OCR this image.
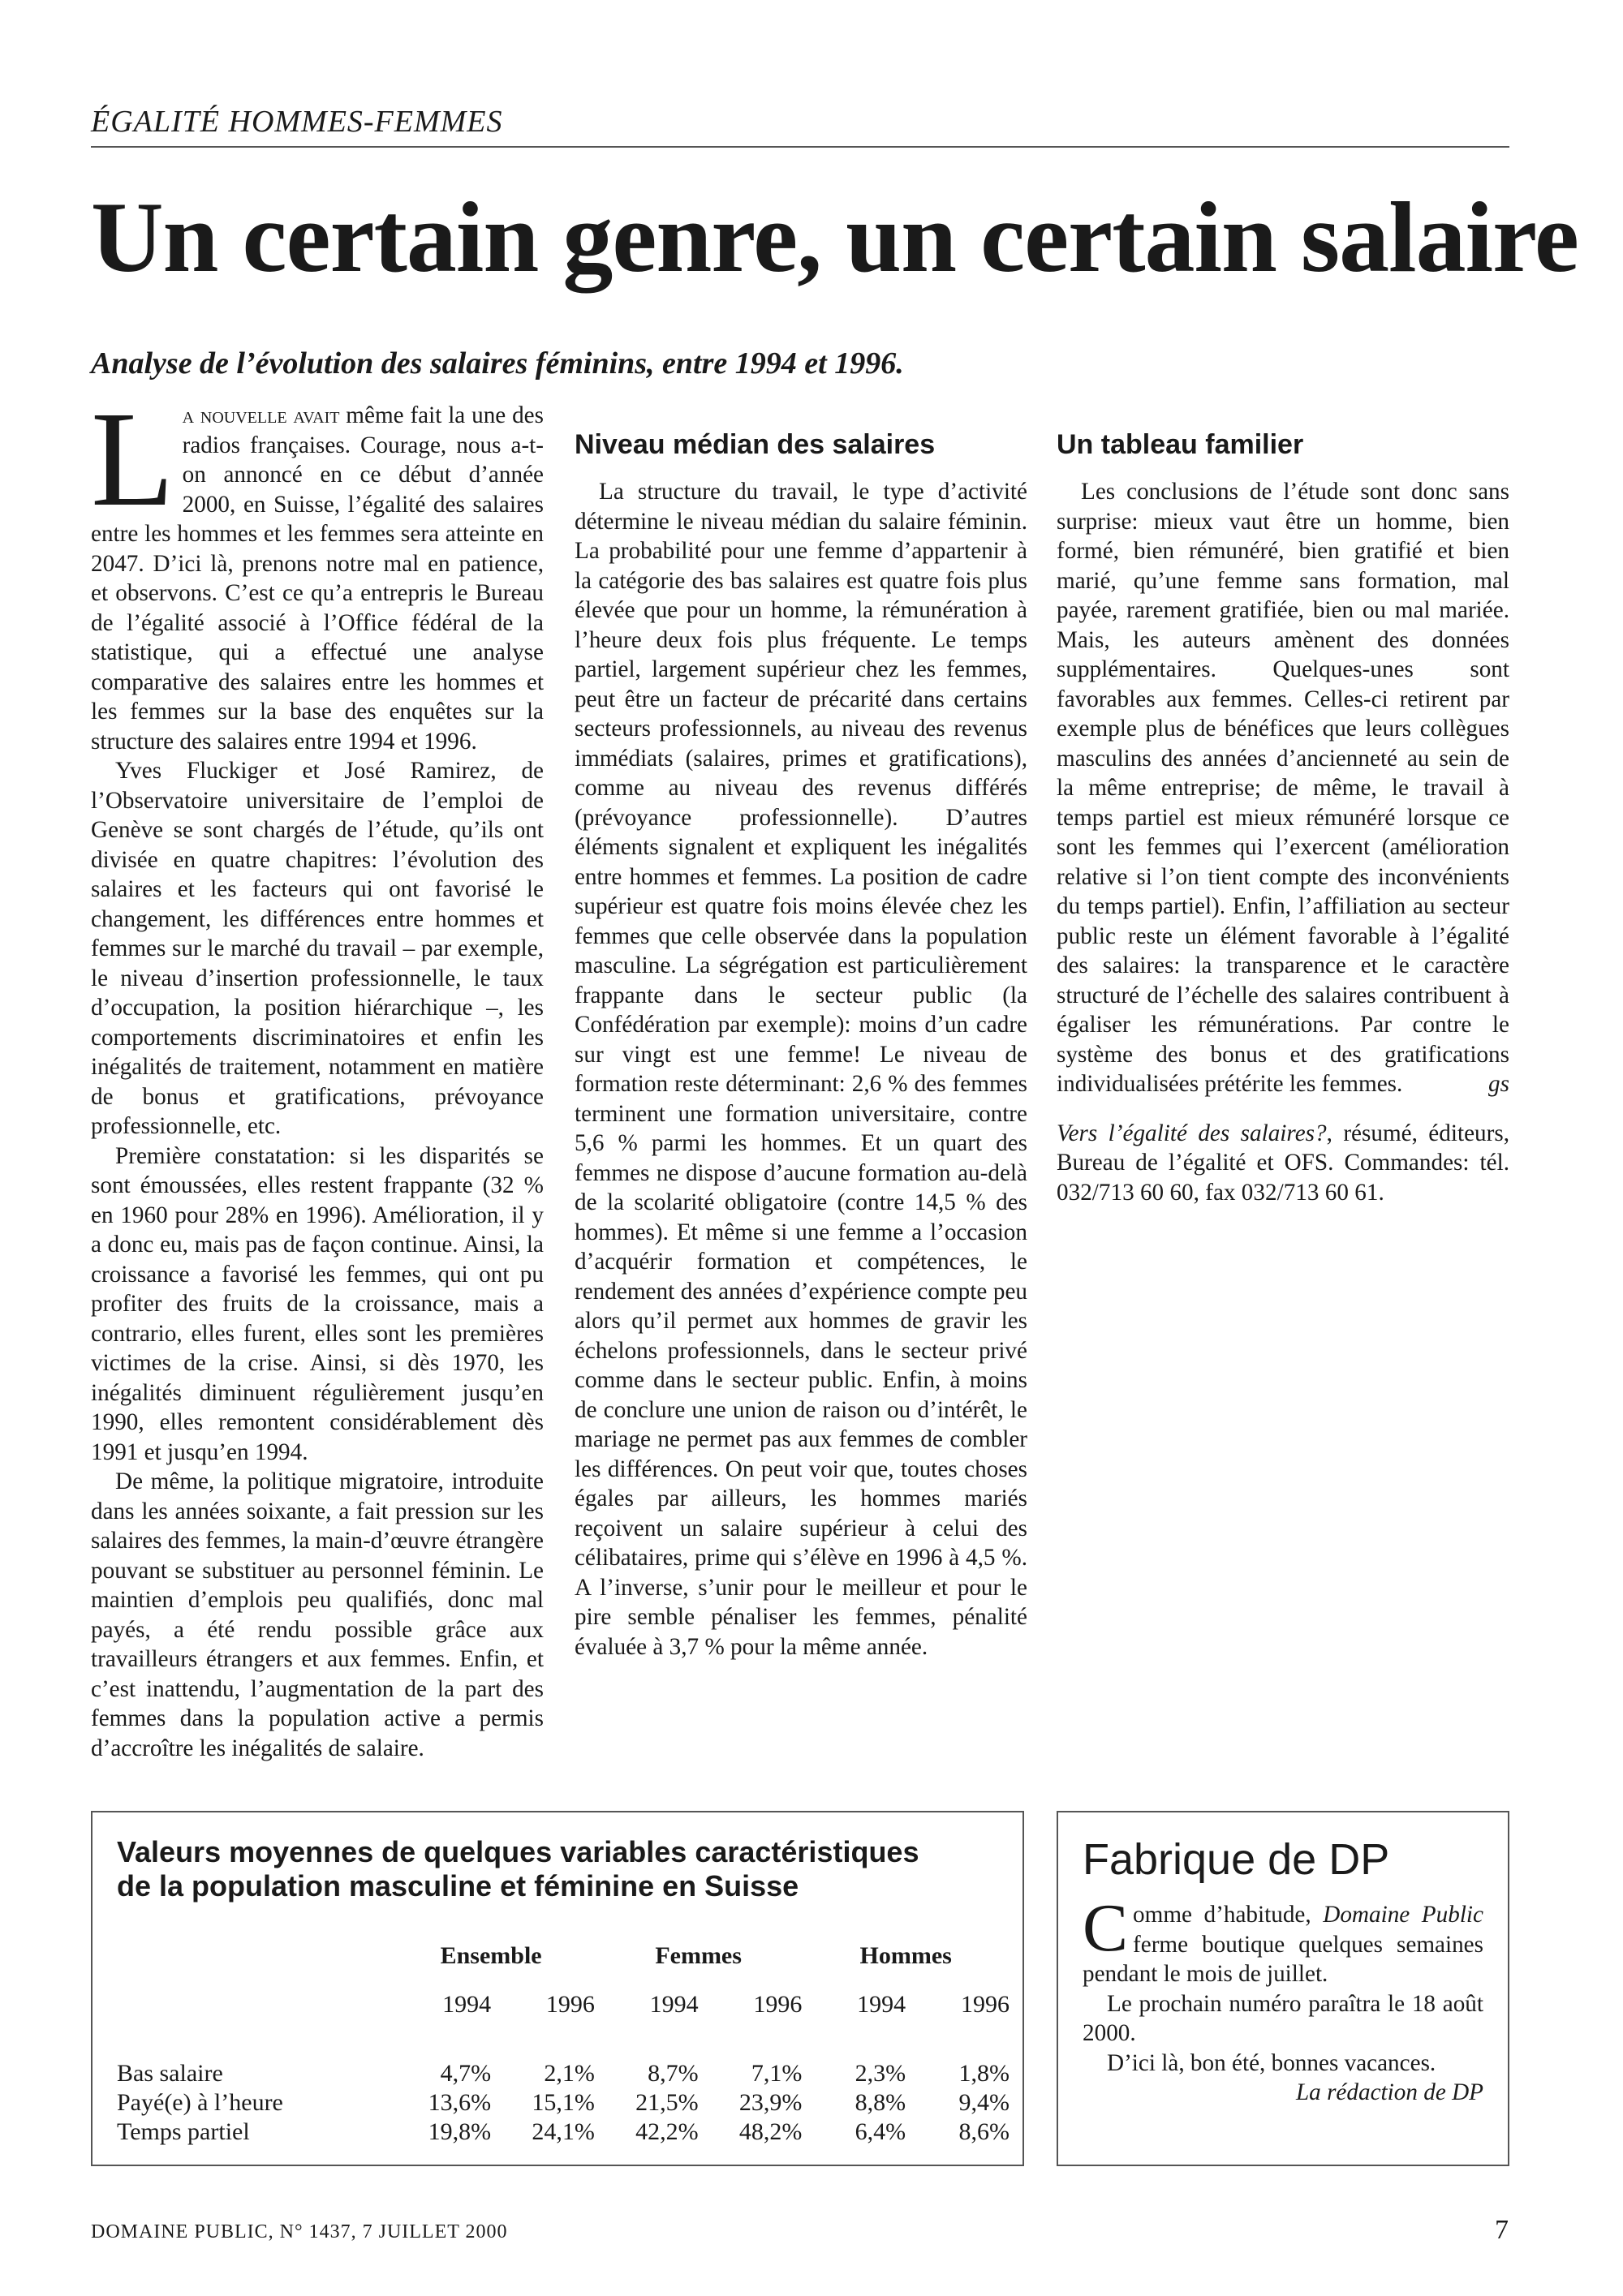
ÉGALITÉ HOMMES-FEMMES
Un certain genre, un certain salaire
Analyse de l’évolution des salaires féminins, entre 1994 et 1996.

La nouvelle avait même fait la une des radios françaises. Courage, nous a-t-on annoncé en ce début d’année 2000, en Suisse, l’égalité des salaires entre les hommes et les femmes sera atteinte en 2047. D’ici là, prenons notre mal en patience, et observons. C’est ce qu’a entrepris le Bureau de l’égalité associé à l’Office fédéral de la statistique, qui a effectué une analyse comparative des salaires entre les hommes et les femmes sur la base des enquêtes sur la structure des salaires entre 1994 et 1996.

Yves Fluckiger et José Ramirez, de l’Observatoire universitaire de l’emploi de Genève se sont chargés de l’étude, qu’ils ont divisée en quatre chapitres: l’évolution des salaires et les facteurs qui ont favorisé le changement, les différences entre hommes et femmes sur le marché du travail – par exemple, le niveau d’insertion professionnelle, le taux d’occupation, la position hiérarchique –, les comportements discriminatoires et enfin les inégalités de traitement, notamment en matière de bonus et gratifications, prévoyance professionnelle, etc.

Première constatation: si les disparités se sont émoussées, elles restent frappante (32 % en 1960 pour 28% en 1996). Amélioration, il y a donc eu, mais pas de façon continue. Ainsi, la croissance a favorisé les femmes, qui ont pu profiter des fruits de la croissance, mais a contrario, elles furent, elles sont les premières victimes de la crise. Ainsi, si dès 1970, les inégalités diminuent régulièrement jusqu’en 1990, elles remontent considérablement dès 1991 et jusqu’en 1994.

De même, la politique migratoire, introduite dans les années soixante, a fait pression sur les salaires des femmes, la main-d’œuvre étrangère pouvant se substituer au personnel féminin. Le maintien d’emplois peu qualifiés, donc mal payés, a été rendu possible grâce aux travailleurs étrangers et aux femmes. Enfin, et c’est inattendu, l’augmentation de la part des femmes dans la population active a permis d’accroître les inégalités de salaire.

Niveau médian des salaires

La structure du travail, le type d’activité détermine le niveau médian du salaire féminin. La probabilité pour une femme d’appartenir à la catégorie des bas salaires est quatre fois plus élevée que pour un homme, la rémunération à l’heure deux fois plus fréquente. Le temps partiel, largement supérieur chez les femmes, peut être un facteur de précarité dans certains secteurs professionnels, au niveau des revenus immédiats (salaires, primes et gratifications), comme au niveau des revenus différés (prévoyance professionnelle). D’autres éléments signalent et expliquent les inégalités entre hommes et femmes. La position de cadre supérieur est quatre fois moins élevée chez les femmes que celle observée dans la population masculine. La ségrégation est particulièrement frappante dans le secteur public (la Confédération par exemple): moins d’un cadre sur vingt est une femme! Le niveau de formation reste déterminant: 2,6 % des femmes terminent une formation universitaire, contre 5,6 % parmi les hommes. Et un quart des femmes ne dispose d’aucune formation au-delà de la scolarité obligatoire (contre 14,5 % des hommes). Et même si une femme a l’occasion d’acquérir formation et compétences, le rendement des années d’expérience compte peu alors qu’il permet aux hommes de gravir les échelons professionnels, dans le secteur privé comme dans le secteur public. Enfin, à moins de conclure une union de raison ou d’intérêt, le mariage ne permet pas aux femmes de combler les différences. On peut voir que, toutes choses égales par ailleurs, les hommes mariés reçoivent un salaire supérieur à celui des célibataires, prime qui s’élève en 1996 à 4,5 %. A l’inverse, s’unir pour le meilleur et pour le pire semble pénaliser les femmes, pénalité évaluée à 3,7 % pour la même année.

Un tableau familier

Les conclusions de l’étude sont donc sans surprise: mieux vaut être un homme, bien formé, bien rémunéré, bien gratifié et bien marié, qu’une femme sans formation, mal payée, rarement gratifiée, bien ou mal mariée. Mais, les auteurs amènent des données supplémentaires. Quelques-unes sont favorables aux femmes. Celles-ci retirent par exemple plus de bénéfices que leurs collègues masculins des années d’ancienneté au sein de la même entreprise; de même, le travail à temps partiel est mieux rémunéré lorsque ce sont les femmes qui l’exercent (amélioration relative si l’on tient compte des inconvénients du temps partiel). Enfin, l’affiliation au secteur public reste un élément favorable à l’égalité des salaires: la transparence et le caractère structuré de l’échelle des salaires contribuent à égaliser les rémunérations. Par contre le système des bonus et des gratifications individualisées prétérite les femmes.	gs

Vers l’égalité des salaires?, résumé, éditeurs, Bureau de l’égalité et OFS. Commandes: tél. 032/713 60 60, fax 032/713 60 61.

Valeurs moyennes de quelques variables caractéristiques
de la population masculine et féminine en Suisse
	Ensemble		Femmes		Hommes	
	1994	1996	1994	1996	1994	1996
Bas salaire	4,7%	2,1%	8,7%	7,1%	2,3%	1,8%
Payé(e) à l’heure	13,6%	15,1%	21,5%	23,9%	8,8%	9,4%
Temps partiel	19,8%	24,1%	42,2%	48,2%	6,4%	8,6%
Fabrique de DP

Comme d’habitude, Domaine Public ferme boutique quelques semaines pendant le mois de juillet.

Le prochain numéro paraîtra le 18 août 2000.

D’ici là, bon été, bonnes vacances.
La rédaction de DP

DOMAINE PUBLIC, N° 1437, 7 JUILLET 2000	7
